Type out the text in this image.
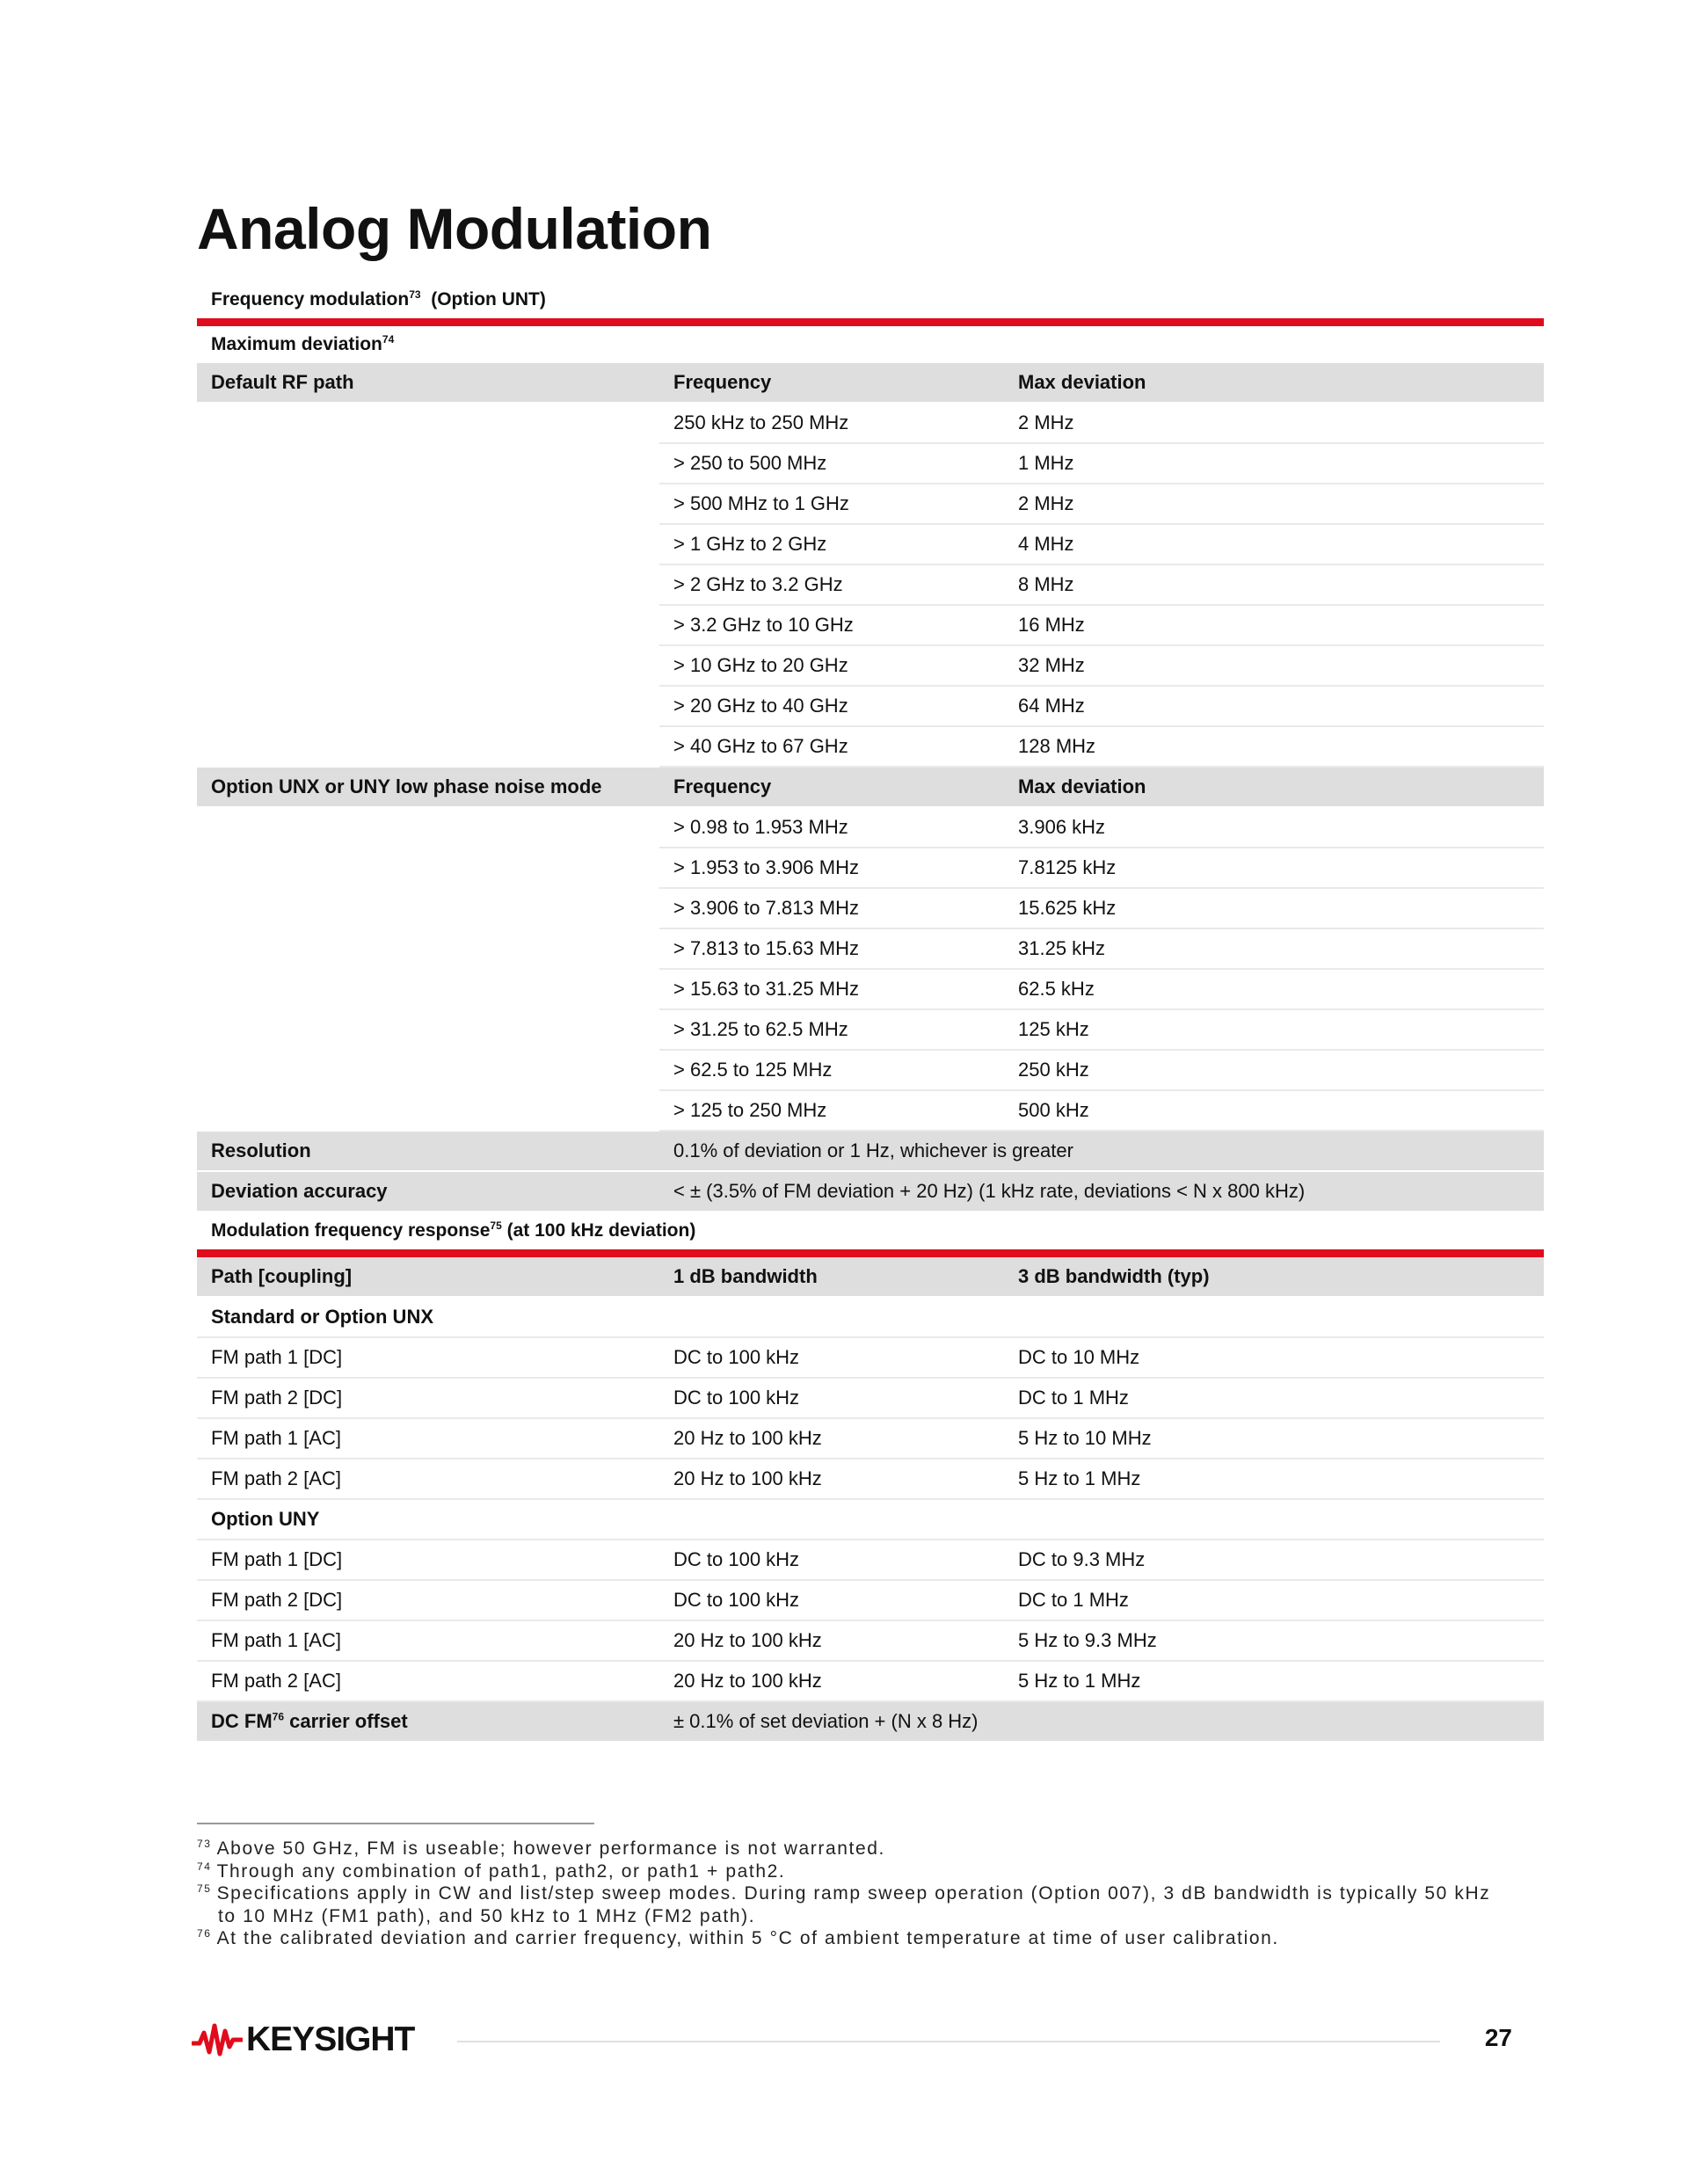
Analog Modulation
Frequency modulation$^{73}$ (Option UNT)		

Maximum deviation$^{74}$
Default RF path	Frequency	Max deviation
	250 kHz to 250 MHz	2 MHz
	> 250 to 500 MHz	1 MHz
	> 500 MHz to 1 GHz	2 MHz
	> 1 GHz to 2 GHz	4 MHz
	> 2 GHz to 3.2 GHz	8 MHz
	> 3.2 GHz to 10 GHz	16 MHz
	> 10 GHz to 20 GHz	32 MHz
	> 20 GHz to 40 GHz	64 MHz
	> 40 GHz to 67 GHz	128 MHz
Option UNX or UNY low phase noise mode	Frequency	Max deviation
	> 0.98 to 1.953 MHz	3.906 kHz
	> 1.953 to 3.906 MHz	7.8125 kHz
	> 3.906 to 7.813 MHz	15.625 kHz
	> 7.813 to 15.63 MHz	31.25 kHz
	> 15.63 to 31.25 MHz	62.5 kHz
	> 31.25 to 62.5 MHz	125 kHz
	> 62.5 to 125 MHz	250 kHz
	> 125 to 250 MHz	500 kHz
Resolution	0.1% of deviation or 1 Hz, whichever is greater	
Deviation accuracy	< ± (3.5% of FM deviation + 20 Hz) (1 kHz rate, deviations < N x 800 kHz)	
Modulation frequency response$^{75}$ (at 100 kHz deviation)		

Path [coupling]	1 dB bandwidth	3 dB bandwidth (typ)
Standard or Option UNX		
FM path 1 [DC]	DC to 100 kHz	DC to 10 MHz
FM path 2 [DC]	DC to 100 kHz	DC to 1 MHz
FM path 1 [AC]	20 Hz to 100 kHz	5 Hz to 10 MHz
FM path 2 [AC]	20 Hz to 100 kHz	5 Hz to 1 MHz
Option UNY		
FM path 1 [DC]	DC to 100 kHz	DC to 9.3 MHz
FM path 2 [DC]	DC to 100 kHz	DC to 1 MHz
FM path 1 [AC]	20 Hz to 100 kHz	5 Hz to 9.3 MHz
FM path 2 [AC]	20 Hz to 100 kHz	5 Hz to 1 MHz
DC FM$^{76}$ carrier offset	± 0.1% of set deviation + (N x 8 Hz)	
$^{73}$ Above 50 GHz, FM is useable; however performance is not warranted.
$^{74}$ Through any combination of path1, path2, or path1 + path2.
$^{75}$ Specifications apply in CW and list/step sweep modes. During ramp sweep operation (Option 007), 3 dB bandwidth is typically 50 kHz to 10 MHz (FM1 path), and 50 kHz to 1 MHz (FM2 path).
$^{76}$ At the calibrated deviation and carrier frequency, within 5 °C of ambient temperature at time of user calibration.
KEYSIGHT	27
